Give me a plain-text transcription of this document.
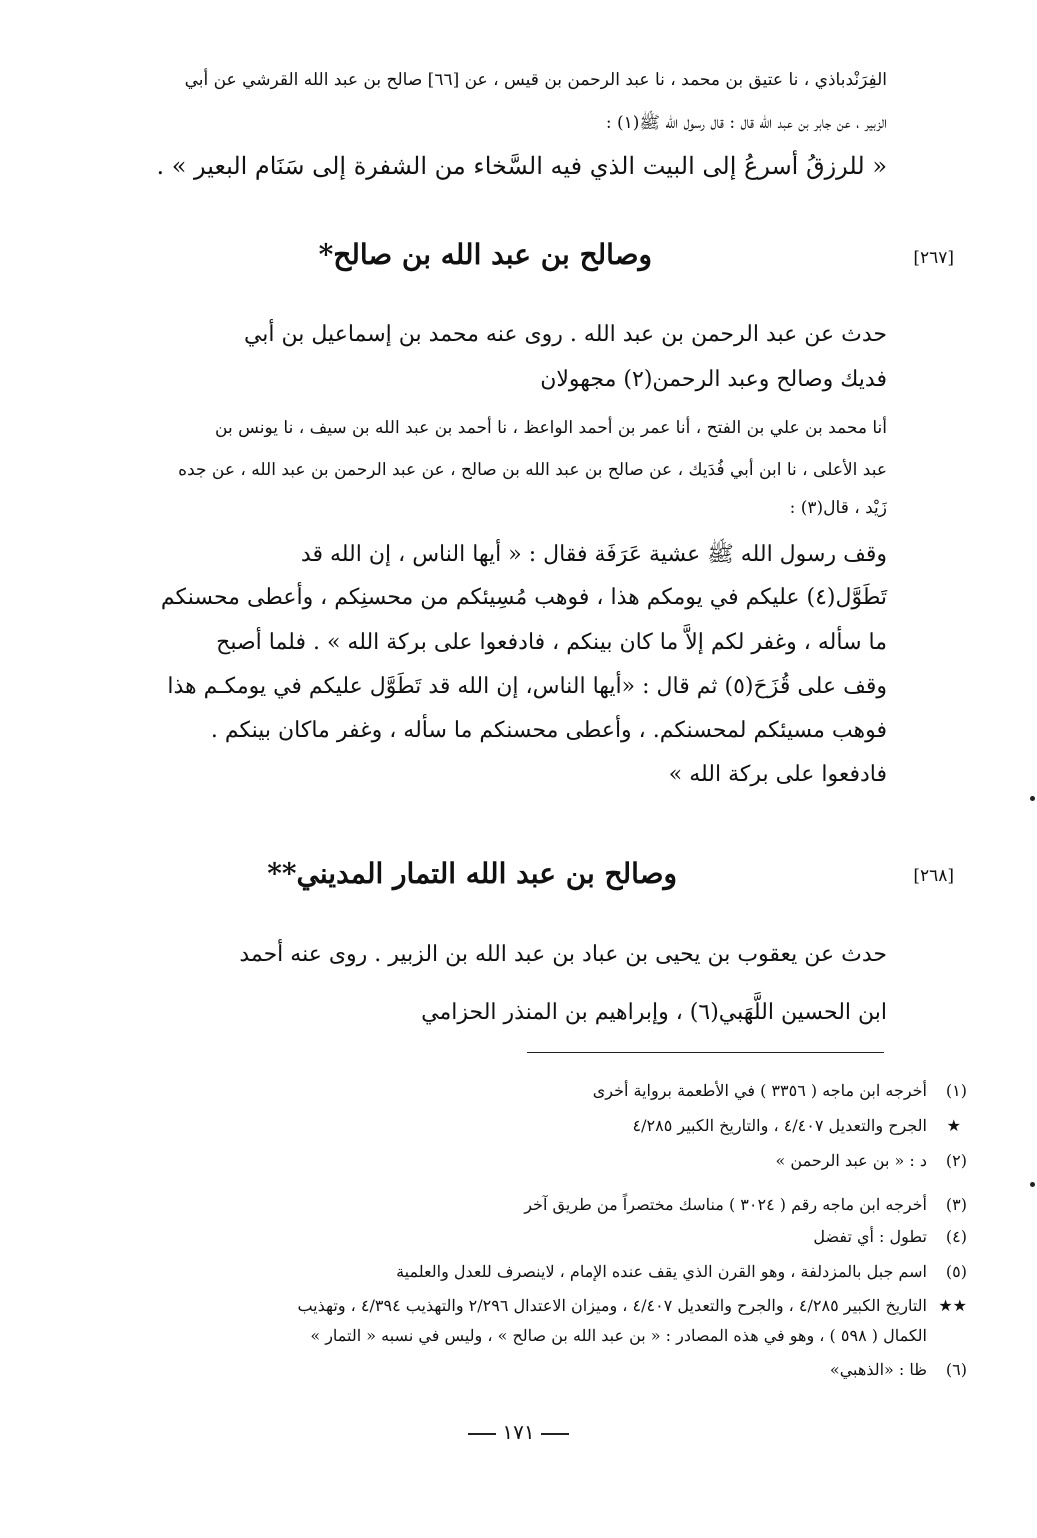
الفِرَنْدباذي ، نا عتيق بن محمد ، نا عبد الرحمن بن قيس ، عن [٦٦] صالح بن عبد الله القرشي عن أبي

الزبير ، عن جابر بن عبد الله قال : قال رسول الله ﷺ(١) :

« للرزقُ أسرعُ إلى البيت الذي فيه السَّخاء من الشفرة إلى سَنَام البعير » .

[٢٦٧]
وصالح بن عبد الله بن صالح*

حدث عن عبد الرحمن بن عبد الله . روى عنه محمد بن إسماعيل بن أبي

فديك وصالح وعبد الرحمن(٢) مجهولان

أنا محمد بن علي بن الفتح ، أنا عمر بن أحمد الواعظ ، نا أحمد بن عبد الله بن سيف ، نا يونس بن

عبد الأعلى ، نا ابن أبي فُدَيك ، عن صالح بن عبد الله بن صالح ، عن عبد الرحمن بن عبد الله ، عن جده

زَيْد ، قال(٣) :

وقف رسول الله ﷺ عشية عَرَفَة فقال : « أيها الناس ، إن الله قد

تَطَوَّل(٤) عليكم في يومكم هذا ، فوهب مُسِيئكم من محسنِكم ، وأعطى محسنكم

ما سأله ، وغفر لكم إلاَّ ما كان بينكم ، فادفعوا على بركة الله » . فلما أصبح

وقف على قُزَحَ(٥) ثم قال : «أيها الناس، إن الله قد تَطَوَّل عليكم في يومكـم هذا

فوهب مسيئكم لمحسنكم. ، وأعطى محسنكم ما سأله ، وغفر ماكان بينكم .

فادفعوا على بركة الله »

[٢٦٨]
وصالح بن عبد الله التمار المديني**

حدث عن يعقوب بن يحيى بن عباد بن عبد الله بن الزبير . روى عنه أحمد

ابن الحسين اللَّهَبي(٦) ، وإبراهيم بن المنذر الحزامي

(١)

أخرجه ابن ماجه ( ٣٣٥٦ ) في الأطعمة برواية أخرى

★

الجرح والتعديل ٤/٤٠٧ ، والتاريخ الكبير ٤/٢٨٥

(٢)

د : « بن عبد الرحمن »

(٣)

أخرجه ابن ماجه رقم ( ٣٠٢٤ ) مناسك مختصراً من طريق آخر

(٤)

تطول : أي تفضل

(٥)

اسم جبل بالمزدلفة ، وهو القرن الذي يقف عنده الإمام ، لاينصرف للعدل والعلمية

★★

التاريخ الكبير ٤/٢٨٥ ، والجرح والتعديل ٤/٤٠٧ ، وميزان الاعتدال ٢/٢٩٦ والتهذيب ٤/٣٩٤ ، وتهذيب

الكمال ( ٥٩٨ ) ، وهو في هذه المصادر : « بن عبد الله بن صالح » ، وليس في نسبه « التمار »

(٦)

ظا : «الذهبي»

١٧١
